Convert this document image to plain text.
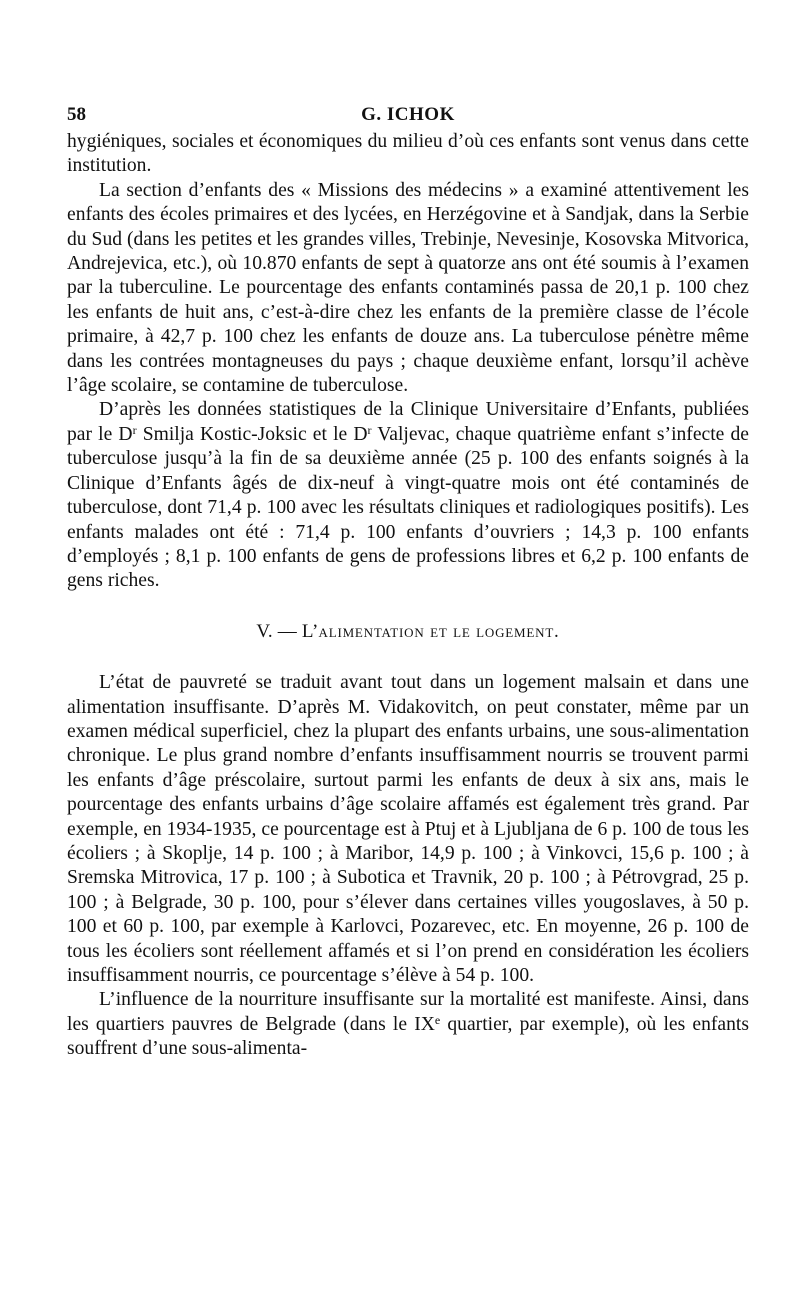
58	G. ICHOK

hygiéniques, sociales et économiques du milieu d’où ces enfants sont venus dans cette institution.

La section d’enfants des « Missions des médecins » a examiné attentivement les enfants des écoles primaires et des lycées, en Herzégovine et à Sandjak, dans la Serbie du Sud (dans les petites et les grandes villes, Trebinje, Nevesinje, Kosovska Mitvorica, Andrejevica, etc.), où 10.870 enfants de sept à quatorze ans ont été soumis à l’examen par la tuberculine. Le pourcentage des enfants contaminés passa de 20,1 p. 100 chez les enfants de huit ans, c’est-à-dire chez les enfants de la première classe de l’école primaire, à 42,7 p. 100 chez les enfants de douze ans. La tuberculose pénètre même dans les contrées montagneuses du pays ; chaque deuxième enfant, lorsqu’il achève l’âge scolaire, se contamine de tuberculose.

D’après les données statistiques de la Clinique Universitaire d’Enfants, publiées par le $D^r$ Smilja Kostic-Joksic et le $D^r$ Valjevac, chaque quatrième enfant s’infecte de tuberculose jusqu’à la fin de sa deuxième année (25 p. 100 des enfants soignés à la Clinique d’Enfants âgés de dix-neuf à vingt-quatre mois ont été contaminés de tuberculose, dont 71,4 p. 100 avec les résultats cliniques et radiologiques positifs). Les enfants malades ont été : 71,4 p. 100 enfants d’ouvriers ; 14,3 p. 100 enfants d’employés ; 8,1 p. 100 enfants de gens de professions libres et 6,2 p. 100 enfants de gens riches.

V. — L’alimentation et le logement.

L’état de pauvreté se traduit avant tout dans un logement malsain et dans une alimentation insuffisante. D’après M. Vidakovitch, on peut constater, même par un examen médical superficiel, chez la plupart des enfants urbains, une sous-alimentation chronique. Le plus grand nombre d’enfants insuffisamment nourris se trouvent parmi les enfants d’âge préscolaire, surtout parmi les enfants de deux à six ans, mais le pourcentage des enfants urbains d’âge scolaire affamés est également très grand. Par exemple, en 1934-1935, ce pourcentage est à Ptuj et à Ljubljana de 6 p. 100 de tous les écoliers ; à Skoplje, 14 p. 100 ; à Maribor, 14,9 p. 100 ; à Vinkovci, 15,6 p. 100 ; à Sremska Mitrovica, 17 p. 100 ; à Subotica et Travnik, 20 p. 100 ; à Pétrovgrad, 25 p. 100 ; à Belgrade, 30 p. 100, pour s’élever dans certaines villes yougoslaves, à 50 p. 100 et 60 p. 100, par exemple à Karlovci, Pozarevec, etc. En moyenne, 26 p. 100 de tous les écoliers sont réellement affamés et si l’on prend en considération les écoliers insuffisamment nourris, ce pourcentage s’élève à 54 p. 100.

L’influence de la nourriture insuffisante sur la mortalité est manifeste. Ainsi, dans les quartiers pauvres de Belgrade (dans le IXe quartier, par exemple), où les enfants souffrent d’une sous-alimenta-
